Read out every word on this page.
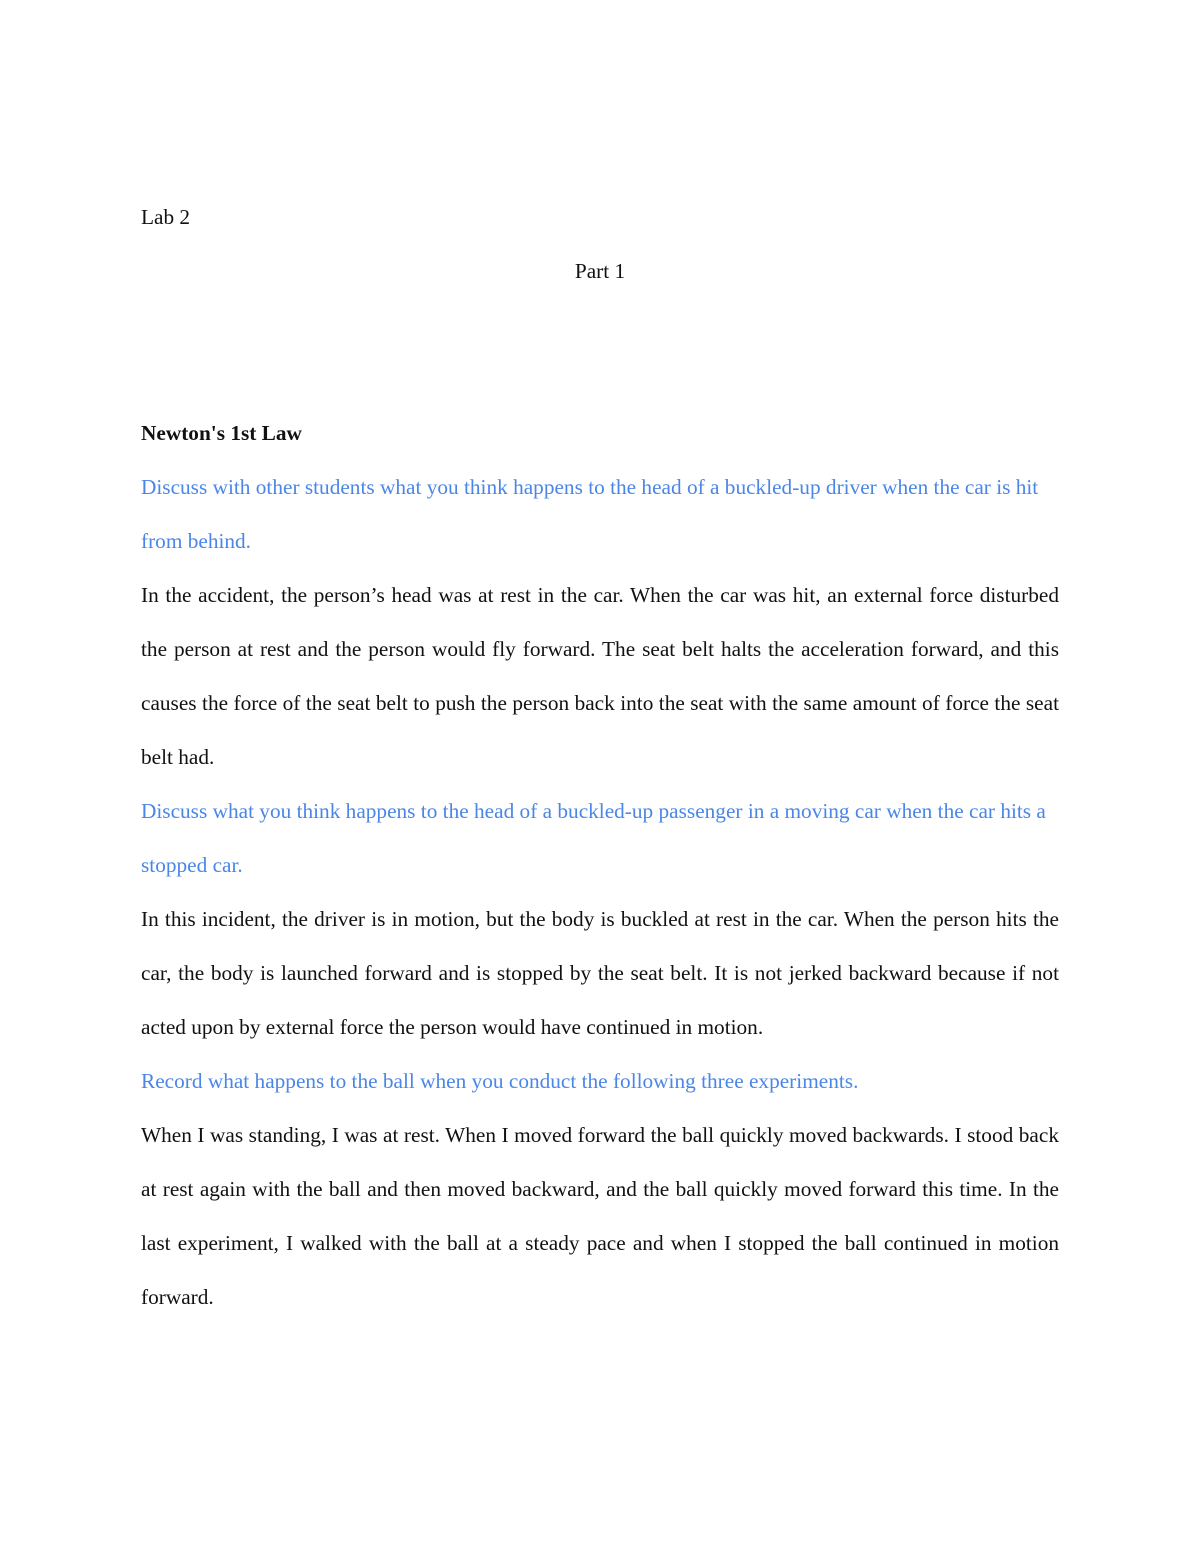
Lab 2
Part 1
Newton's 1st Law

Discuss with other students what you think happens to the head of a buckled-up driver when the car is hit from behind.

In the accident, the person’s head was at rest in the car. When the car was hit, an external force disturbed the person at rest and the person would fly forward. The seat belt halts the acceleration forward, and this causes the force of the seat belt to push the person back into the seat with the same amount of force the seat belt had.

Discuss what you think happens to the head of a buckled-up passenger in a moving car when the car hits a stopped car.

In this incident, the driver is in motion, but the body is buckled at rest in the car. When the person hits the car, the body is launched forward and is stopped by the seat belt. It is not jerked backward because if not acted upon by external force the person would have continued in motion.

Record what happens to the ball when you conduct the following three experiments.

When I was standing, I was at rest. When I moved forward the ball quickly moved backwards. I stood back at rest again with the ball and then moved backward, and the ball quickly moved forward this time. In the last experiment, I walked with the ball at a steady pace and when I stopped the ball continued in motion forward.
